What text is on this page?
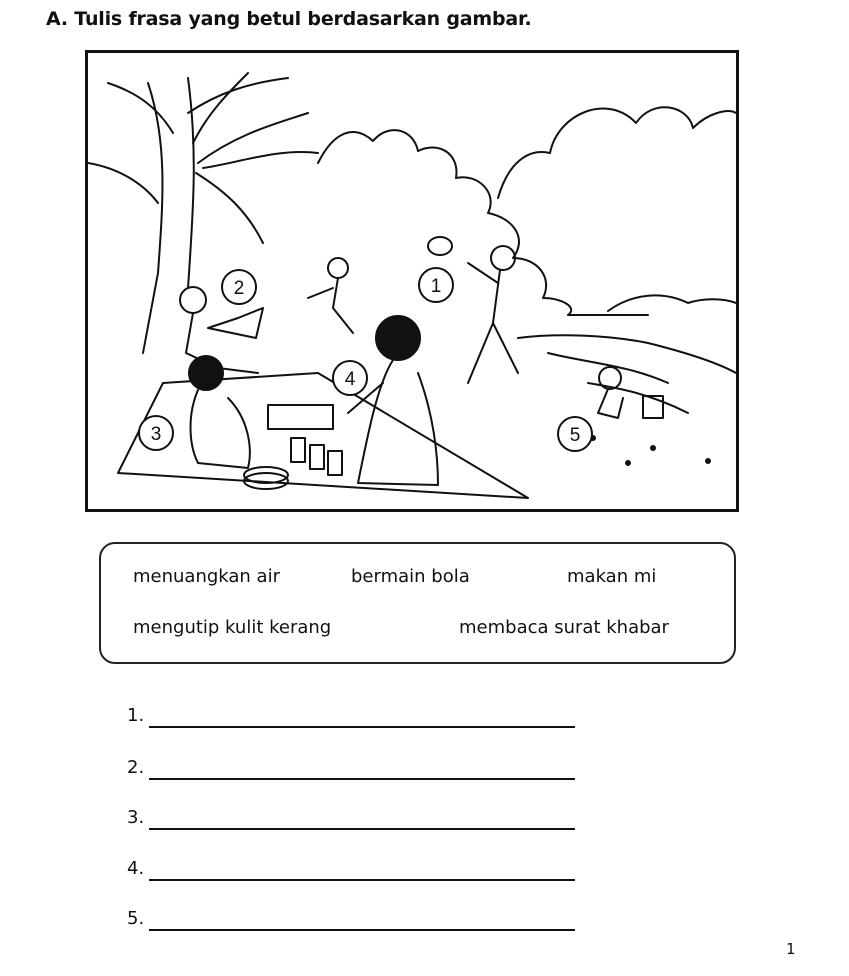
A. Tulis frasa yang betul berdasarkan gambar.
1
2
3
4
5
menuangkan air	bermain bola	makan mi
mengutip kulit kerang	membaca surat khabar
1.
2.
3.
4.
5.
1
